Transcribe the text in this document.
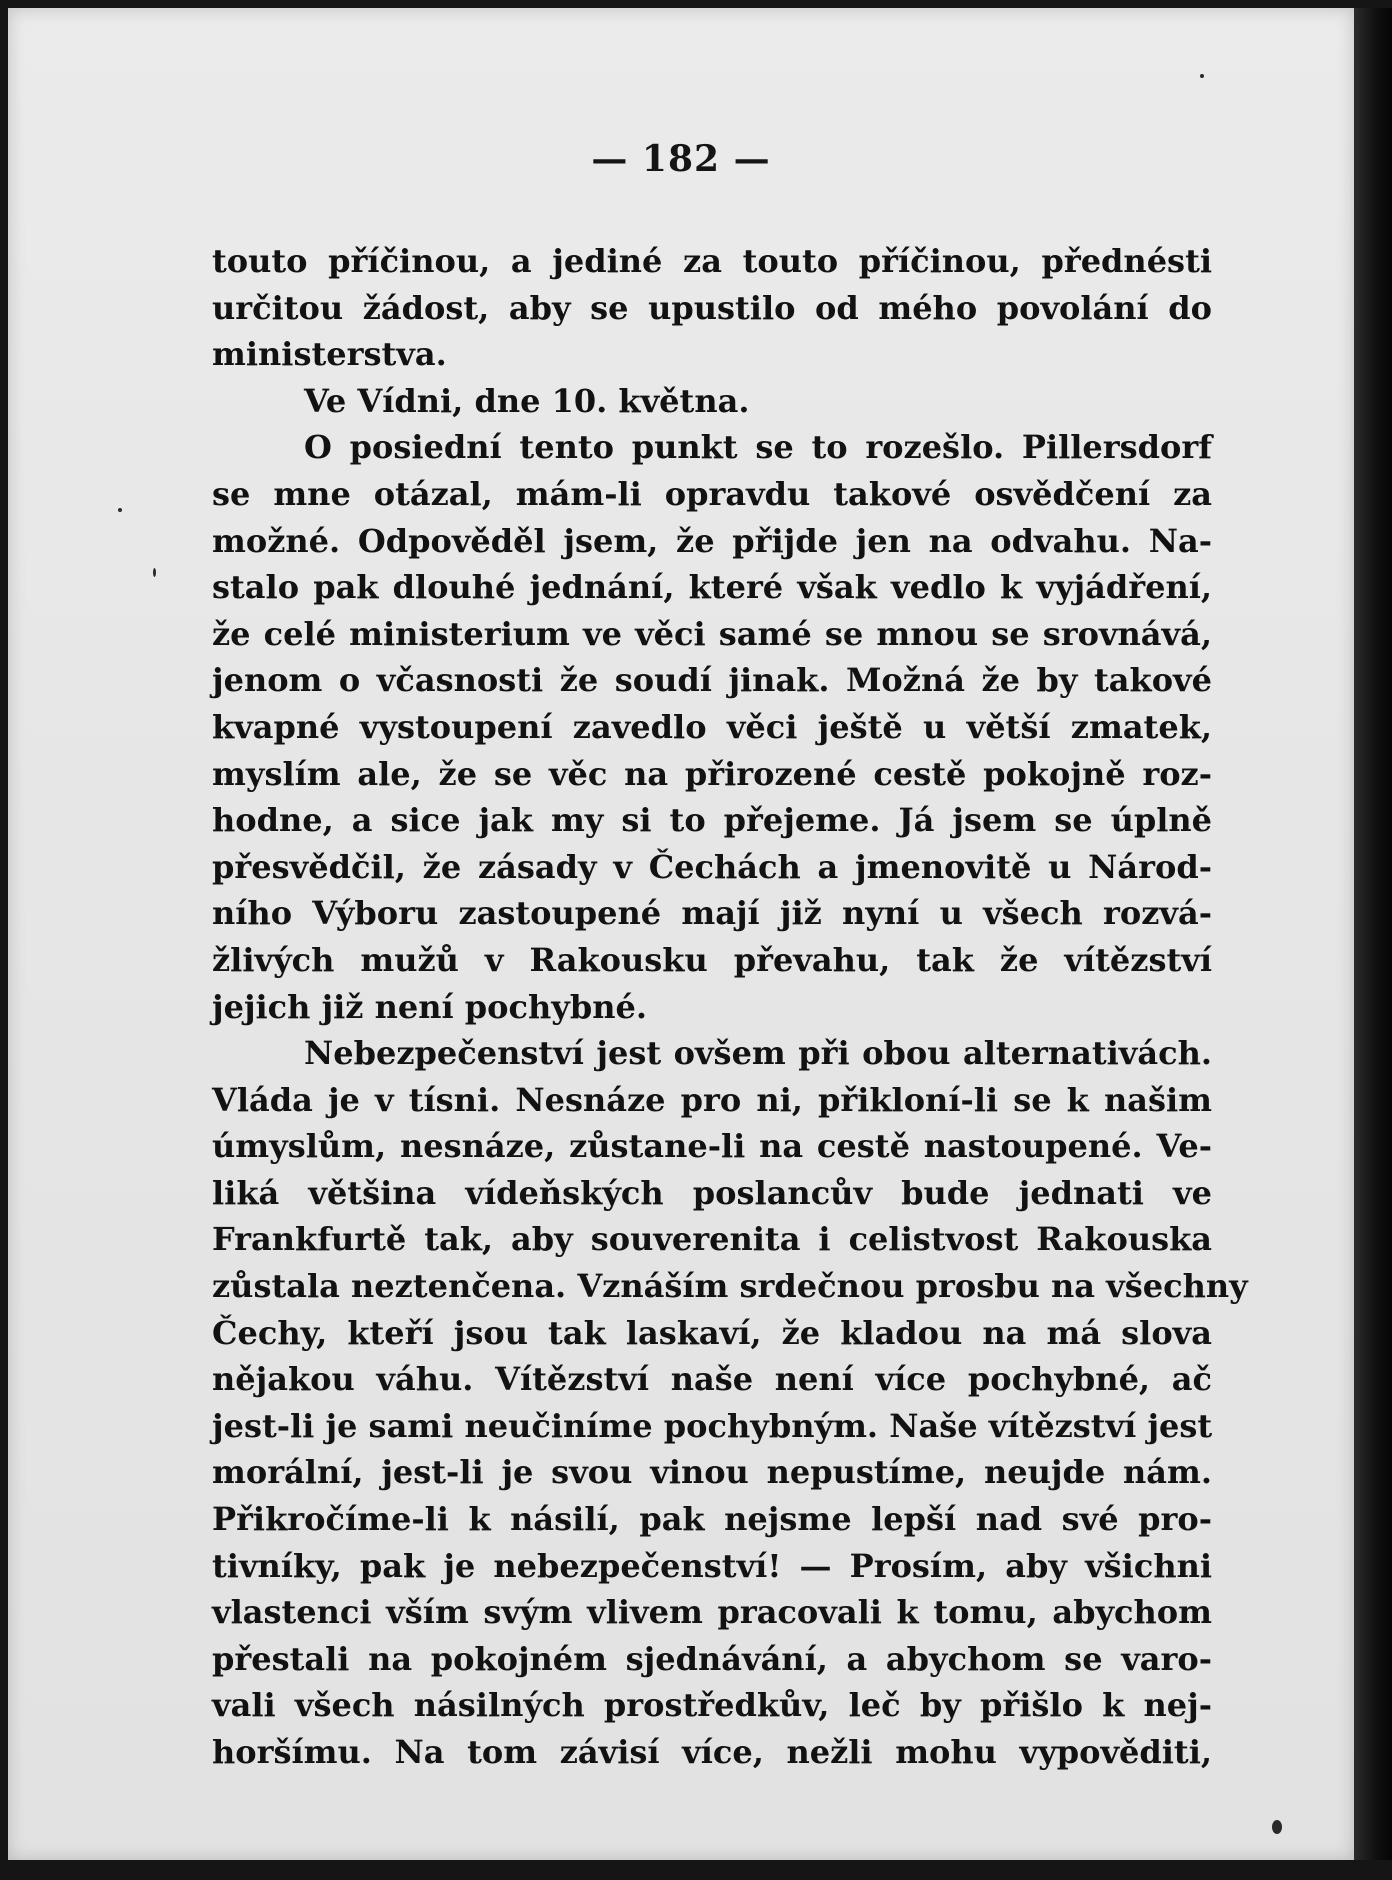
— 182 —
touto příčinou, a jediné za touto příčinou, přednésti
určitou žádost, aby se upustilo od mého povolání do
ministerstva.
Ve Vídni, dne 10. května.
O posiední tento punkt se to rozešlo. Pillersdorf
se mne otázal, mám-li opravdu takové osvědčení za
možné. Odpověděl jsem, že přijde jen na odvahu. Na-
stalo pak dlouhé jednání, které však vedlo k vyjádření,
že celé ministerium ve věci samé se mnou se srovnává,
jenom o včasnosti že soudí jinak. Možná že by takové
kvapné vystoupení zavedlo věci ještě u větší zmatek,
myslím ale, že se věc na přirozené cestě pokojně roz-
hodne, a sice jak my si to přejeme. Já jsem se úplně
přesvědčil, že zásady v Čechách a jmenovitě u Národ-
ního Výboru zastoupené mají již nyní u všech rozvá-
žlivých mužů v Rakousku převahu, tak že vítězství
jejich již není pochybné.
Nebezpečenství jest ovšem při obou alternativách.
Vláda je v tísni. Nesnáze pro ni, přikloní-li se k našim
úmyslům, nesnáze, zůstane-li na cestě nastoupené. Ve-
liká většina vídeňských poslancův bude jednati ve
Frankfurtě tak, aby souverenita i celistvost Rakouska
zůstala neztenčena. Vznáším srdečnou prosbu na všechny
Čechy, kteří jsou tak laskaví, že kladou na má slova
nějakou váhu. Vítězství naše není více pochybné, ač
jest-li je sami neučiníme pochybným. Naše vítězství jest
morální, jest-li je svou vinou nepustíme, neujde nám.
Přikročíme-li k násilí, pak nejsme lepší nad své pro-
tivníky, pak je nebezpečenství! — Prosím, aby všichni
vlastenci vším svým vlivem pracovali k tomu, abychom
přestali na pokojném sjednávání, a abychom se varo-
vali všech násilných prostředkův, leč by přišlo k nej-
horšímu. Na tom závisí více, nežli mohu vypověditi,
